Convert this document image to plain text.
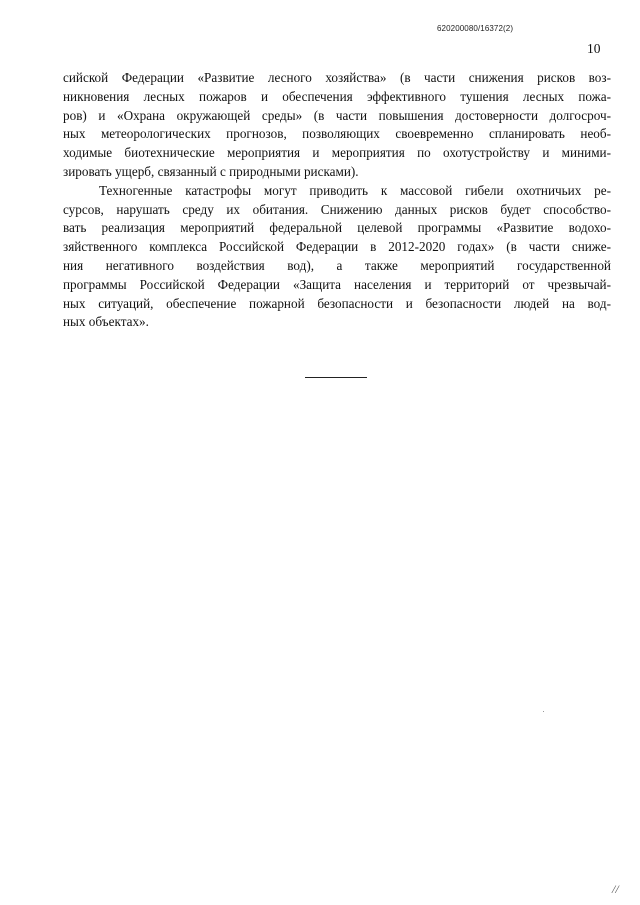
620200080/16372(2)
10
сийской Федерации «Развитие лесного хозяйства» (в части снижения рисков воз-
никновения лесных пожаров и обеспечения эффективного тушения лесных пожа-
ров) и «Охрана окружающей среды» (в части повышения достоверности долгосроч-
ных метеорологических прогнозов, позволяющих своевременно спланировать необ-
ходимые биотехнические мероприятия и мероприятия по охотустройству и миними-
зировать ущерб, связанный с природными рисками).
Техногенные катастрофы могут приводить к массовой гибели охотничьих ре-
сурсов, нарушать среду их обитания. Снижению данных рисков будет способство-
вать реализация мероприятий федеральной целевой программы «Развитие водохо-
зяйственного комплекса Российской Федерации в 2012-2020 годах» (в части сниже-
ния негативного воздействия вод), а также мероприятий государственной
программы Российской Федерации «Защита населения и территорий от чрезвычай-
ных ситуаций, обеспечение пожарной безопасности и безопасности людей на вод-
ных объектах».
//
